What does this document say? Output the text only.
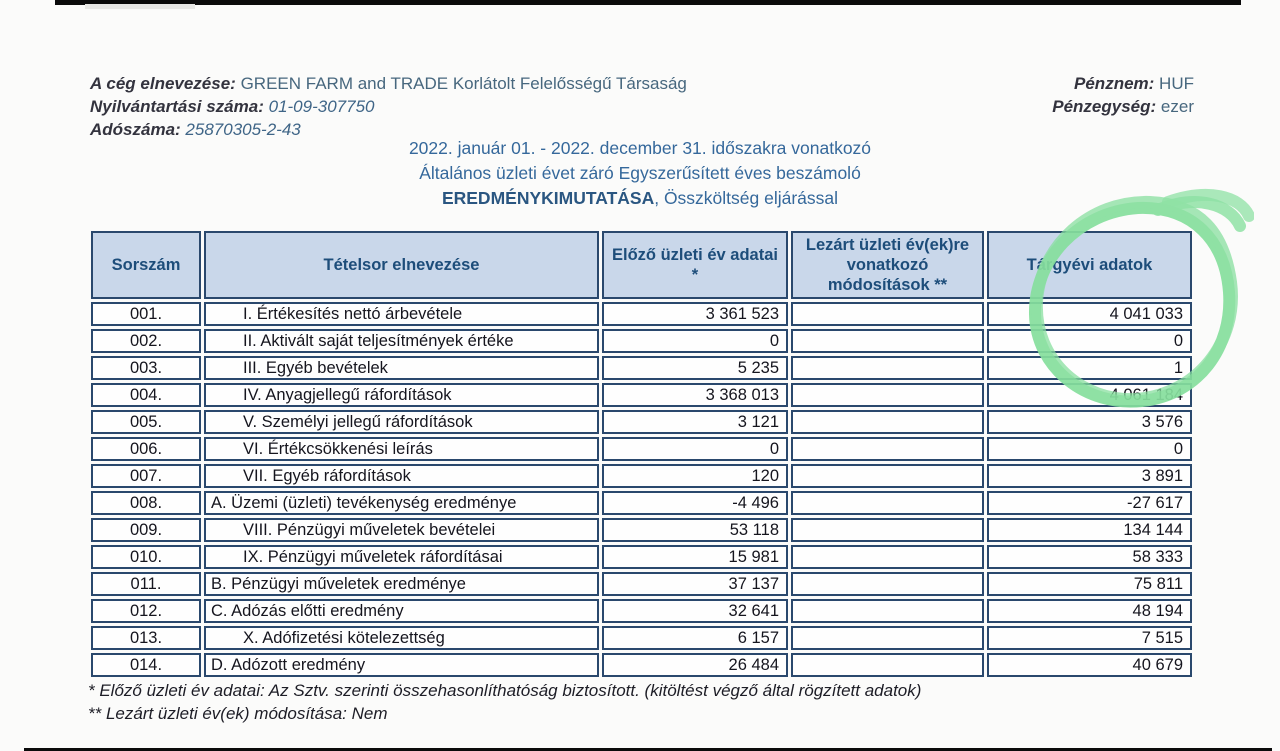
A cég elnevezése: GREEN FARM and TRADE Korlátolt Felelősségű Társaság
Nyilvántartási száma: 01-09-307750
Adószáma: 25870305-2-43
Pénznem: HUF
Pénzegység: ezer
2022. január 01. - 2022. december 31. időszakra vonatkozó
Általános üzleti évet záró Egyszerűsített éves beszámoló
EREDMÉNYKIMUTATÁSA, Összköltség eljárással
Sorszám	Tételsor elnevezése	Előző üzleti év adatai *	Lezárt üzleti év(ek)re vonatkozó módosítások **	Tárgyévi adatok
001.	I. Értékesítés nettó árbevétele	3 361 523		4 041 033
002.	II. Aktivált saját teljesítmények értéke	0		0
003.	III. Egyéb bevételek	5 235		1
004.	IV. Anyagjellegű ráfordítások	3 368 013		4 061 184
005.	V. Személyi jellegű ráfordítások	3 121		3 576
006.	VI. Értékcsökkenési leírás	0		0
007.	VII. Egyéb ráfordítások	120		3 891
008.	A. Üzemi (üzleti) tevékenység eredménye	-4 496		-27 617
009.	VIII. Pénzügyi műveletek bevételei	53 118		134 144
010.	IX. Pénzügyi műveletek ráfordításai	15 981		58 333
011.	B. Pénzügyi műveletek eredménye	37 137		75 811
012.	C. Adózás előtti eredmény	32 641		48 194
013.	X. Adófizetési kötelezettség	6 157		7 515
014.	D. Adózott eredmény	26 484		40 679
* Előző üzleti év adatai: Az Sztv. szerinti összehasonlíthatóság biztosított. (kitöltést végző által rögzített adatok)
** Lezárt üzleti év(ek) módosítása: Nem
